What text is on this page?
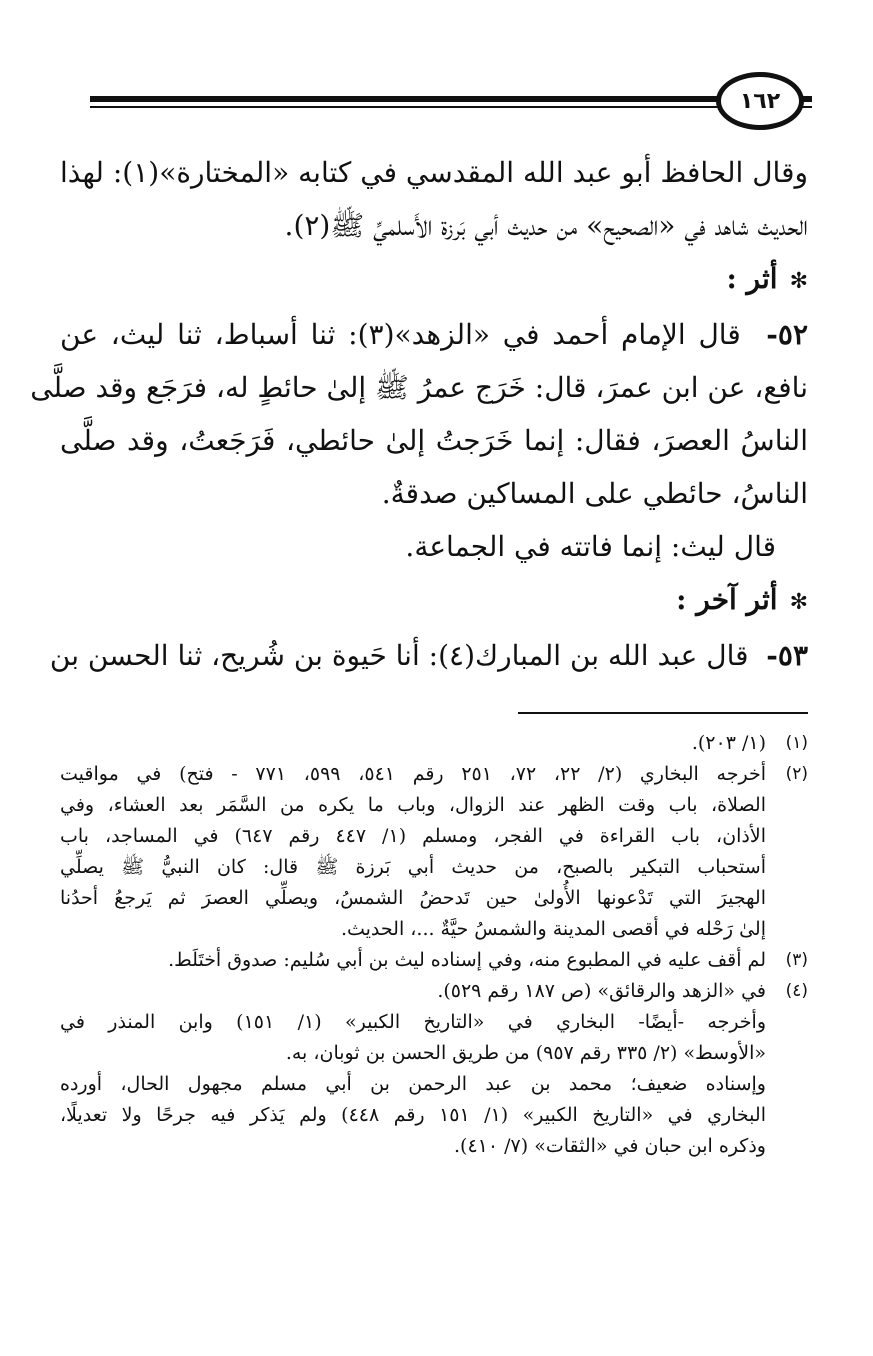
١٦٢
وقال الحافظ أبو عبد الله المقدسي في كتابه «المختارة»(١): لهذا
الحديث شاهد في «الصحيح» من حديث أبي بَرزة الأَسلميِّ ﷺ(٢).
✻أثر :
٥٢-  قال الإمام أحمد في «الزهد»(٣): ثنا أسباط، ثنا ليث، عن
نافع، عن ابن عمرَ، قال: خَرَج عمرُ ﷺ إلىٰ حائطٍ له، فرَجَع وقد صلَّى
الناسُ العصرَ، فقال: إنما خَرَجتُ إلىٰ حائطي، فَرَجَعتُ، وقد صلَّى
الناسُ، حائطي على المساكين صدقةٌ.
قال ليث: إنما فاتته في الجماعة.
✻أثر آخر :
٥٣-  قال عبد الله بن المبارك(٤): أنا حَيوة بن شُريح، ثنا الحسن بن
(١)
(١/ ٢٠٣).
(٢)
أخرجه البخاري (٢/ ٢٢، ٧٢، ٢٥١ رقم ٥٤١، ٥٩٩، ٧٧١ - فتح) في مواقيت
الصلاة، باب وقت الظهر عند الزوال، وباب ما يكره من السَّمَر بعد العشاء، وفي
الأذان، باب القراءة في الفجر، ومسلم (١/ ٤٤٧ رقم ٦٤٧) في المساجد، باب
أستحباب التبكير بالصبح، من حديث أبي بَرزة ﷺ قال: كان النبيُّ ﷺ يصلِّي
الهجيرَ التي تَدْعونها الأُولىٰ حين تَدحضُ الشمسُ، ويصلِّي العصرَ ثم يَرجعُ أحدُنا
إلىٰ رَحْله في أقصى المدينة والشمسُ حيَّةٌ ...، الحديث.
(٣)
لم أقف عليه في المطبوع منه، وفي إسناده ليث بن أبي سُليم: صدوق أختَلَط.
(٤)
في «الزهد والرقائق» (ص ١٨٧ رقم ٥٢٩).
وأخرجه -أيضًا- البخاري في «التاريخ الكبير» (١/ ١٥١) وابن المنذر في
«الأوسط» (٢/ ٣٣٥ رقم ٩٥٧) من طريق الحسن بن ثوبان، به.
وإسناده ضعيف؛ محمد بن عبد الرحمن بن أبي مسلم مجهول الحال، أورده
البخاري في «التاريخ الكبير» (١/ ١٥١ رقم ٤٤٨) ولم يَذكر فيه جرحًا ولا تعديلًا،
وذكره ابن حبان في «الثقات» (٧/ ٤١٠).
